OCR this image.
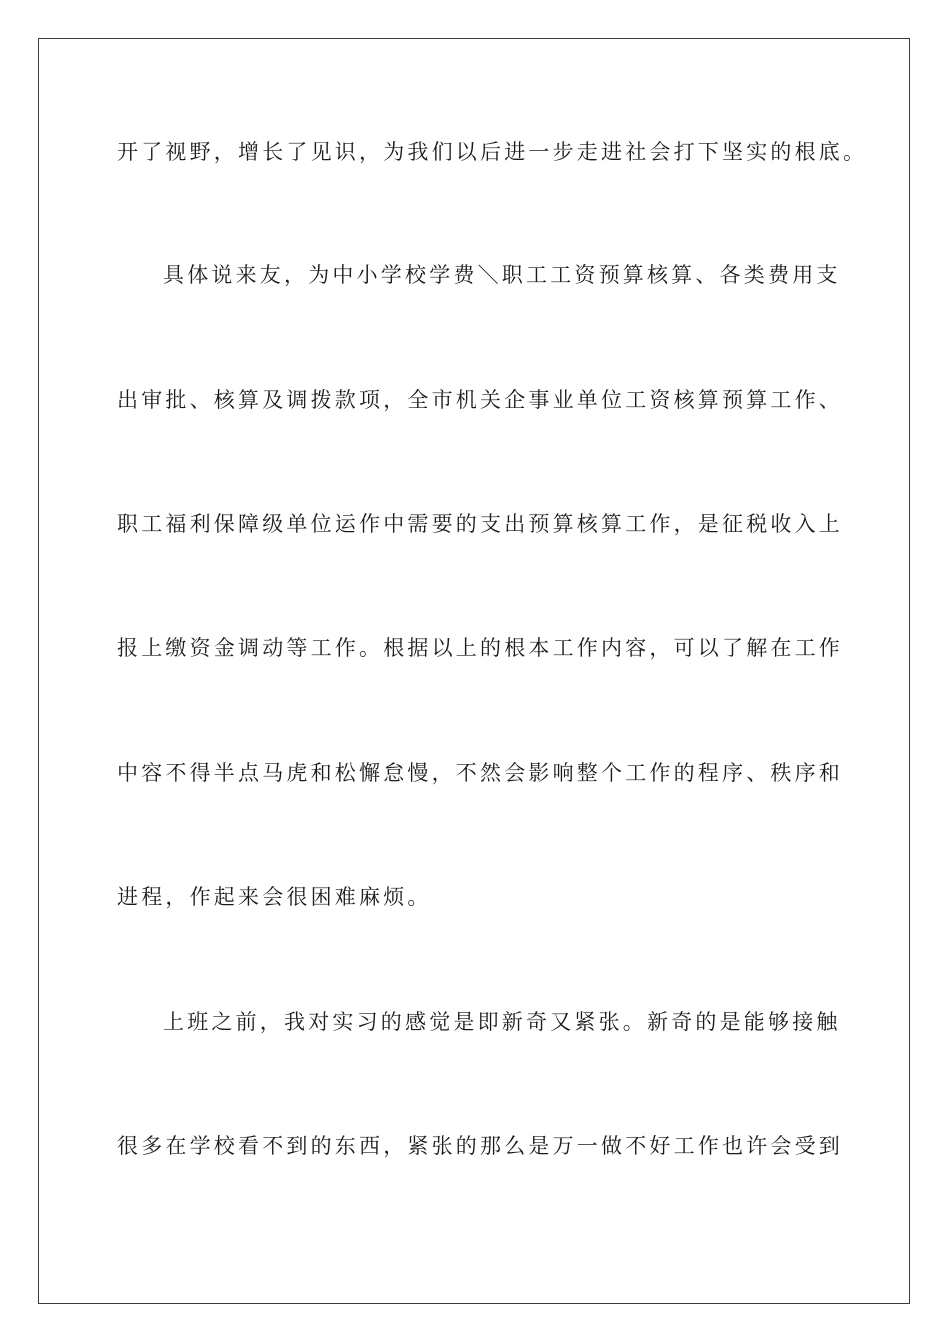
开了视野，增长了见识，为我们以后进一步走进社会打下坚实的根底。
具体说来友，为中小学校学费＼职工工资预算核算、各类费用支
出审批、核算及调拨款项，全市机关企事业单位工资核算预算工作、
职工福利保障级单位运作中需要的支出预算核算工作，是征税收入上
报上缴资金调动等工作。根据以上的根本工作内容，可以了解在工作
中容不得半点马虎和松懈怠慢，不然会影响整个工作的程序、秩序和
进程，作起来会很困难麻烦。
上班之前，我对实习的感觉是即新奇又紧张。新奇的是能够接触
很多在学校看不到的东西，紧张的那么是万一做不好工作也许会受到
